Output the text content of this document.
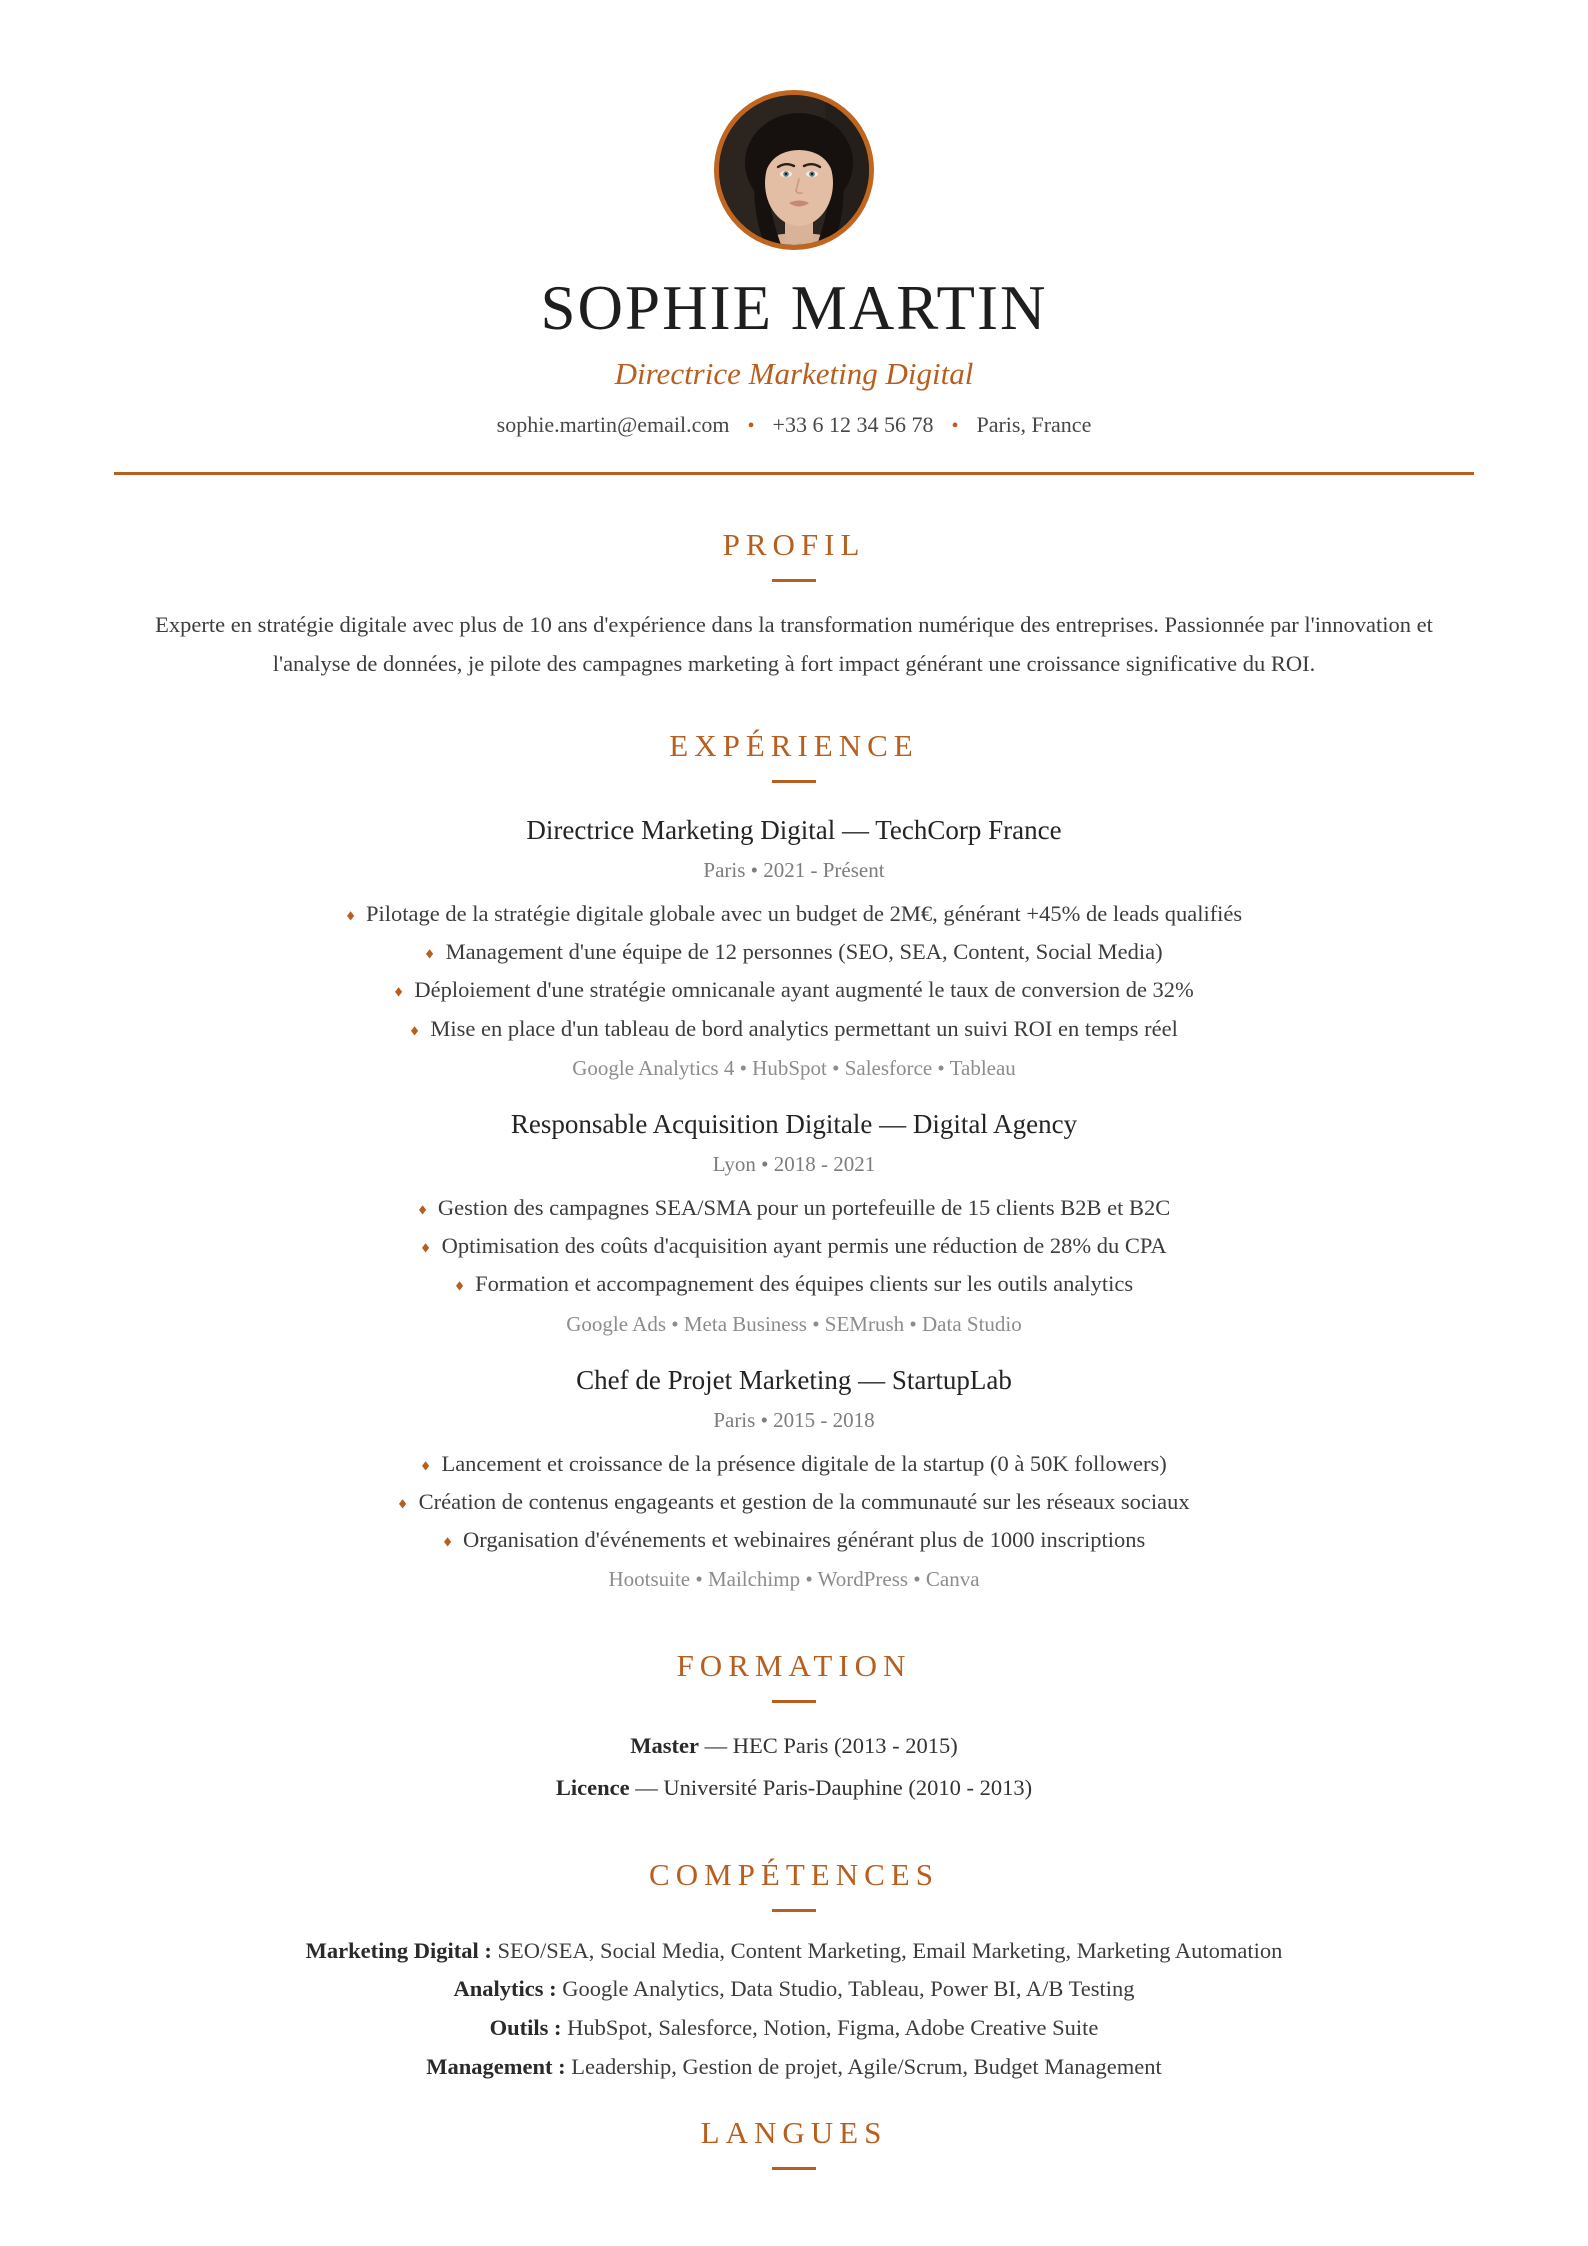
SOPHIE MARTIN
Directrice Marketing Digital
sophie.martin@email.com • +33 6 12 34 56 78 • Paris, France
PROFIL

Experte en stratégie digitale avec plus de 10 ans d'expérience dans la transformation numérique des entreprises. Passionnée par l'innovation et l'analyse de données, je pilote des campagnes marketing à fort impact générant une croissance significative du ROI.

EXPÉRIENCE
Directrice Marketing Digital — TechCorp France
Paris • 2021 - Présent
◆ Pilotage de la stratégie digitale globale avec un budget de 2M€, générant +45% de leads qualifiés
◆ Management d'une équipe de 12 personnes (SEO, SEA, Content, Social Media)
◆ Déploiement d'une stratégie omnicanale ayant augmenté le taux de conversion de 32%
◆ Mise en place d'un tableau de bord analytics permettant un suivi ROI en temps réel
Google Analytics 4 • HubSpot • Salesforce • Tableau
Responsable Acquisition Digitale — Digital Agency
Lyon • 2018 - 2021
◆ Gestion des campagnes SEA/SMA pour un portefeuille de 15 clients B2B et B2C
◆ Optimisation des coûts d'acquisition ayant permis une réduction de 28% du CPA
◆ Formation et accompagnement des équipes clients sur les outils analytics
Google Ads • Meta Business • SEMrush • Data Studio
Chef de Projet Marketing — StartupLab
Paris • 2015 - 2018
◆ Lancement et croissance de la présence digitale de la startup (0 à 50K followers)
◆ Création de contenus engageants et gestion de la communauté sur les réseaux sociaux
◆ Organisation d'événements et webinaires générant plus de 1000 inscriptions
Hootsuite • Mailchimp • WordPress • Canva
FORMATION
Master — HEC Paris (2013 - 2015)
Licence — Université Paris-Dauphine (2010 - 2013)
COMPÉTENCES
Marketing Digital : SEO/SEA, Social Media, Content Marketing, Email Marketing, Marketing Automation
Analytics : Google Analytics, Data Studio, Tableau, Power BI, A/B Testing
Outils : HubSpot, Salesforce, Notion, Figma, Adobe Creative Suite
Management : Leadership, Gestion de projet, Agile/Scrum, Budget Management
LANGUES
